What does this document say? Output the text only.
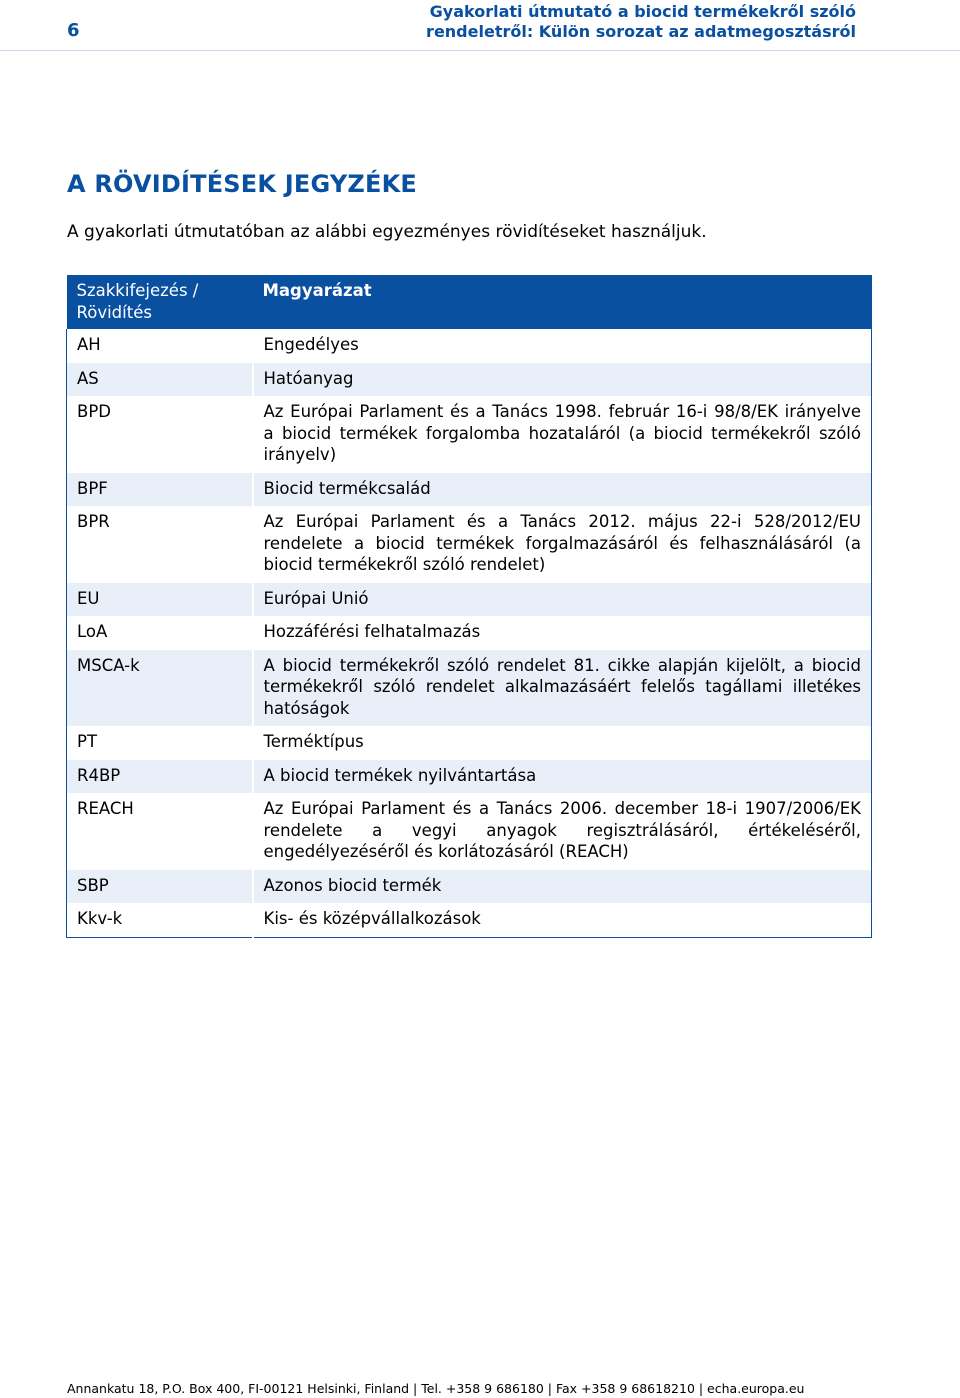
6
Gyakorlati útmutató a biocid termékekről szóló
rendeletről: Külön sorozat az adatmegosztásról
A RÖVIDÍTÉSEK JEGYZÉKE

A gyakorlati útmutatóban az alábbi egyezményes rövidítéseket használjuk.

Szakkifejezés / Rövidítés	Magyarázat
AH	Engedélyes
AS	Hatóanyag
BPD	Az Európai Parlament és a Tanács 1998. február 16-i 98/8/EK irányelve a biocid termékek forgalomba hozataláról (a biocid termékekről szóló irányelv)
BPF	Biocid termékcsalád
BPR	Az Európai Parlament és a Tanács 2012. május 22-i 528/2012/EU rendelete a biocid termékek forgalmazásáról és felhasználásáról (a biocid termékekről szóló rendelet)
EU	Európai Unió
LoA	Hozzáférési felhatalmazás
MSCA-k	A biocid termékekről szóló rendelet 81. cikke alapján kijelölt, a biocid termékekről szóló rendelet alkalmazásáért felelős tagállami illetékes hatóságok
PT	Terméktípus
R4BP	A biocid termékek nyilvántartása
REACH	Az Európai Parlament és a Tanács 2006. december 18-i 1907/2006/EK rendelete a vegyi anyagok regisztrálásáról, értékeléséről, engedélyezéséről és korlátozásáról (REACH)
SBP	Azonos biocid termék
Kkv-k	Kis- és középvállalkozások
Annankatu 18, P.O. Box 400, FI-00121 Helsinki, Finland | Tel. +358 9 686180 | Fax +358 9 68618210 | echa.europa.eu
